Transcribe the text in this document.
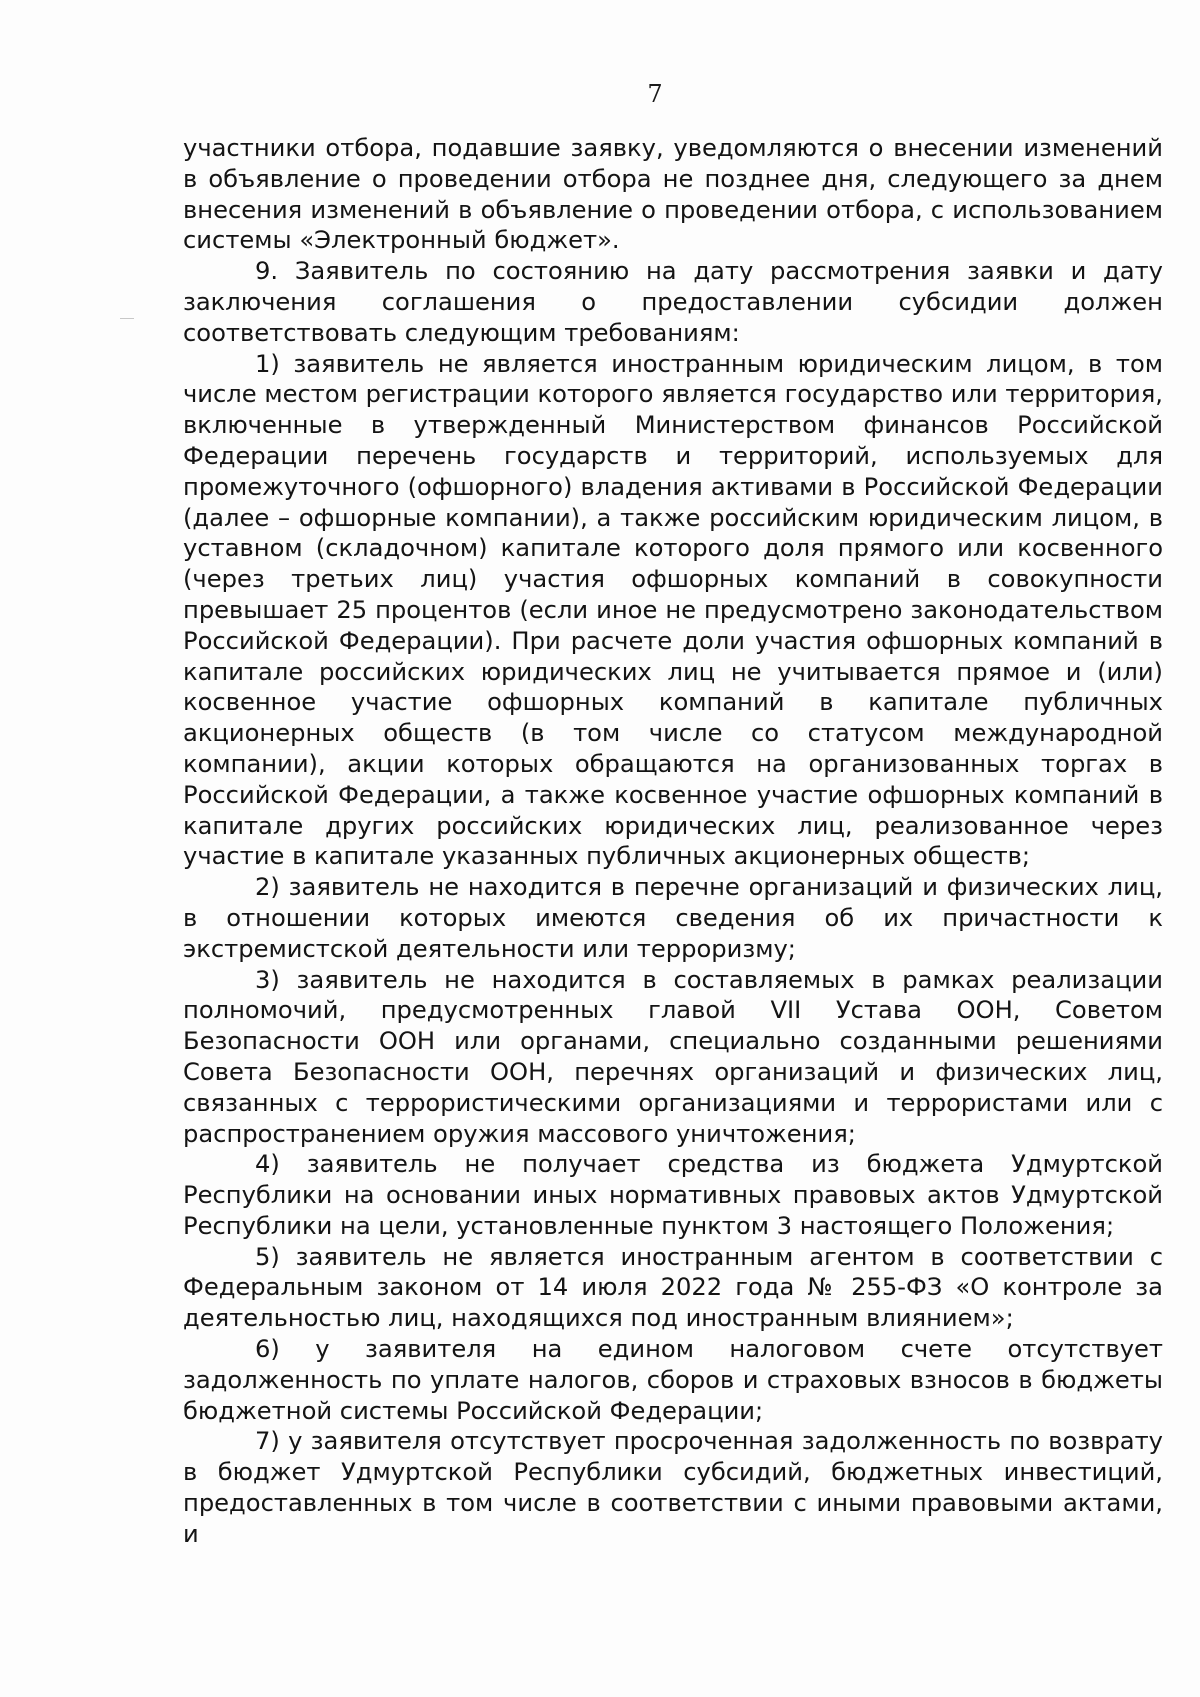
7

участники отбора, подавшие заявку, уведомляются о внесении изменений в объявление о проведении отбора не позднее дня, следующего за днем внесения изменений в объявление о проведении отбора, с использованием системы «Электронный бюджет».

9. Заявитель по состоянию на дату рассмотрения заявки и дату заключения соглашения о предоставлении субсидии должен соответствовать следующим требованиям:

1) заявитель не является иностранным юридическим лицом, в том числе местом регистрации которого является государство или территория, включенные в утвержденный Министерством финансов Российской Федерации перечень государств и территорий, используемых для промежуточного (офшорного) владения активами в Российской Федерации (далее – офшорные компании), а также российским юридическим лицом, в уставном (складочном) капитале которого доля прямого или косвенного (через третьих лиц) участия офшорных компаний в совокупности превышает 25 процентов (если иное не предусмотрено законодательством Российской Федерации). При расчете доли участия офшорных компаний в капитале российских юридических лиц не учитывается прямое и (или) косвенное участие офшорных компаний в капитале публичных акционерных обществ (в том числе со статусом международной компании), акции которых обращаются на организованных торгах в Российской Федерации, а также косвенное участие офшорных компаний в капитале других российских юридических лиц, реализованное через участие в капитале указанных публичных акционерных обществ;

2) заявитель не находится в перечне организаций и физических лиц, в отношении которых имеются сведения об их причастности к экстремистской деятельности или терроризму;

3) заявитель не находится в составляемых в рамках реализации полномочий, предусмотренных главой VII Устава ООН, Советом Безопасности ООН или органами, специально созданными решениями Совета Безопасности ООН, перечнях организаций и физических лиц, связанных с террористическими организациями и террористами или с распространением оружия массового уничтожения;

4) заявитель не получает средства из бюджета Удмуртской Республики на основании иных нормативных правовых актов Удмуртской Республики на цели, установленные пунктом 3 настоящего Положения;

5) заявитель не является иностранным агентом в соответствии с Федеральным законом от 14 июля 2022 года № 255-ФЗ «О контроле за деятельностью лиц, находящихся под иностранным влиянием»;

6) у заявителя на едином налоговом счете отсутствует задолженность по уплате налогов, сборов и страховых взносов в бюджеты бюджетной системы Российской Федерации;

7) у заявителя отсутствует просроченная задолженность по возврату в бюджет Удмуртской Республики субсидий, бюджетных инвестиций, предоставленных в том числе в соответствии с иными правовыми актами, и
